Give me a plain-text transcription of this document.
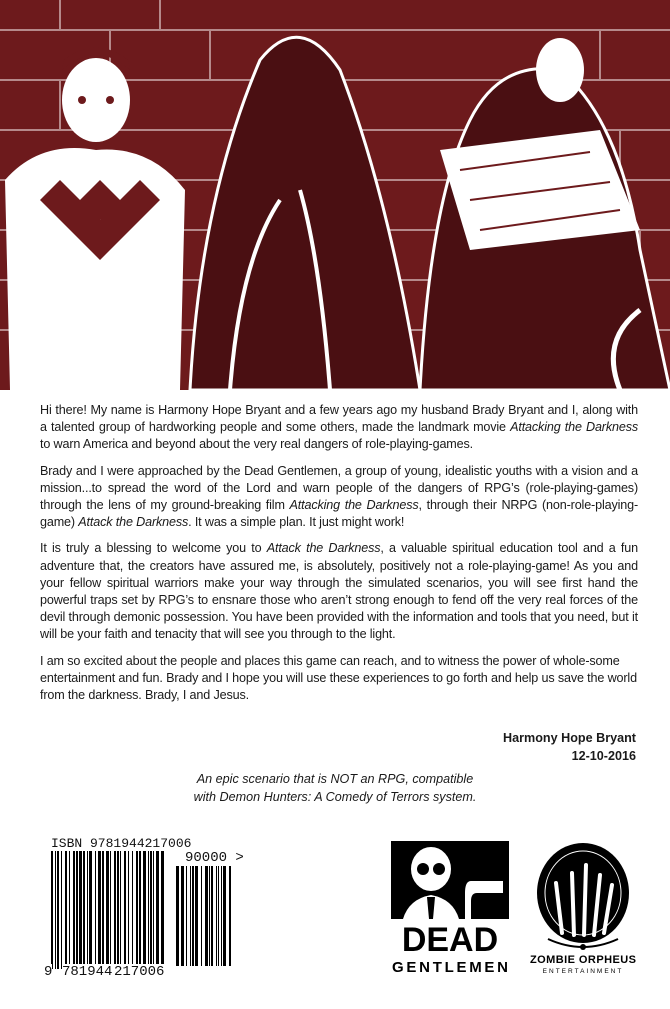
Hi there! My name is Harmony Hope Bryant and a few years ago my husband Brady Bryant and I, along with a talented group of hardworking people and some others, made the landmark movie Attacking the Darkness to warn America and beyond about the very real dangers of role-playing-games.

Brady and I were approached by the Dead Gentlemen, a group of young, idealistic youths with a vision and a mission...to spread the word of the Lord and warn people of the dangers of RPG’s (role-playing-games) through the lens of my ground-breaking film Attacking the Darkness, through their NRPG (non-role-playing-game) Attack the Darkness. It was a simple plan. It just might work!

It is truly a blessing to welcome you to Attack the Darkness, a valuable spiritual education tool and a fun adventure that, the creators have assured me, is absolutely, positively not a role-playing-game! As you and your fellow spiritual warriors make your way through the simulated scenarios, you will see first hand the powerful traps set by RPG’s to ensnare those who aren’t strong enough to fend off the very real forces of the devil through demonic possession. You have been provided with the information and tools that you need, but it will be your faith and tenacity that will see you through to the light.

I am so excited about the people and places this game can reach, and to witness the power of whole-some entertainment and fun. Brady and I hope you will use these experiences to go forth and help us save the world from the darkness. Brady, I and Jesus.

Harmony Hope Bryant
12-10-2016
An epic scenario that is NOT an RPG, compatible
with Demon Hunters: A Comedy of Terrors system.
ISBN 9781944217006
90000 >
9 781944 217006
DEAD
GENTLEMEN ZOMBIE ORPHEUS
ENTERTAINMENT
